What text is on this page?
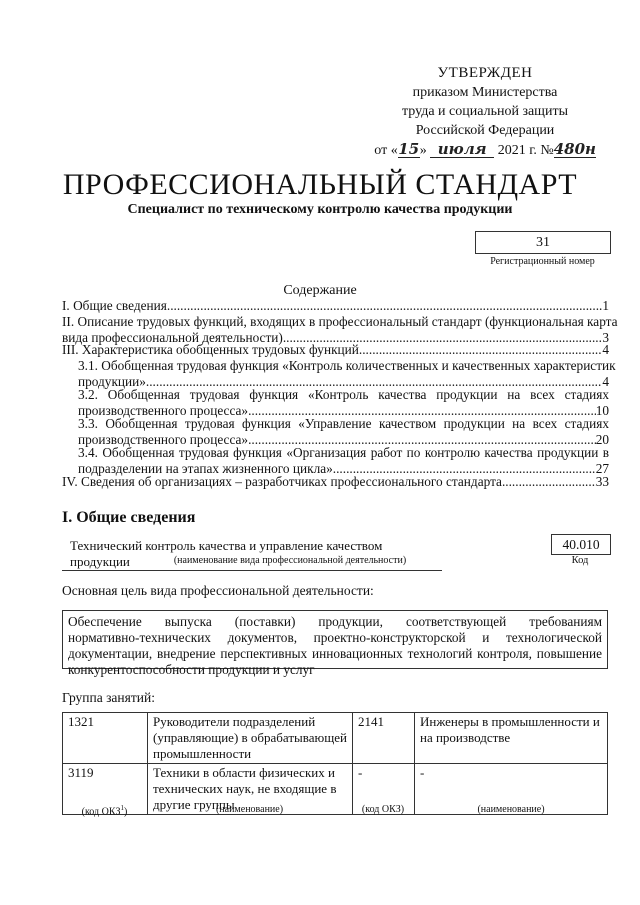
УТВЕРЖДЕН
приказом Министерства
труда и социальной защиты
Российской Федерации
от «15» июля 2021 г. №480н
ПРОФЕССИОНАЛЬНЫЙ СТАНДАРТ
Специалист по техническому контролю качества продукции
31
Регистрационный номер
Содержание
I. Общие сведения .....	1
II. Описание трудовых функций, входящих в профессиональный стандарт (функциональная карта
вида профессиональной деятельности) .....	3
III. Характеристика обобщенных трудовых функций .....	4
3.1. Обобщенная трудовая функция «Контроль количественных и качественных характеристик
продукции» .....	4
3.2. Обобщенная трудовая функция «Контроль качества продукции на всех стадиях
производственного процесса» .....	10
3.3. Обобщенная трудовая функция «Управление качеством продукции на всех стадиях
производственного процесса» .....	20
3.4. Обобщенная трудовая функция «Организация работ по контролю качества продукции в
подразделении на этапах жизненного цикла» .....	27
IV. Сведения об организациях – разработчиках профессионального стандарта .....	33
I. Общие сведения
Технический контроль качества и управление качеством продукции	(наименование вида профессиональной деятельности)
40.010
Код
Основная цель вида профессиональной деятельности:
Обеспечение выпуска (поставки) продукции, соответствующей требованиям
нормативно-технических документов, проектно-конструкторской и технологической
документации, внедрение перспективных инновационных технологий контроля, повышение
конкурентоспособности продукции и услуг
Группа занятий:
1321	Руководители подразделений (управляющие) в обрабатывающей промышленности	2141	Инженеры в промышленности и на производстве
3119	Техники в области физических и технических наук, не входящие в другие группы	-	-
(код ОКЗ$^1$)	(наименование)	(код ОКЗ)	(наименование)
